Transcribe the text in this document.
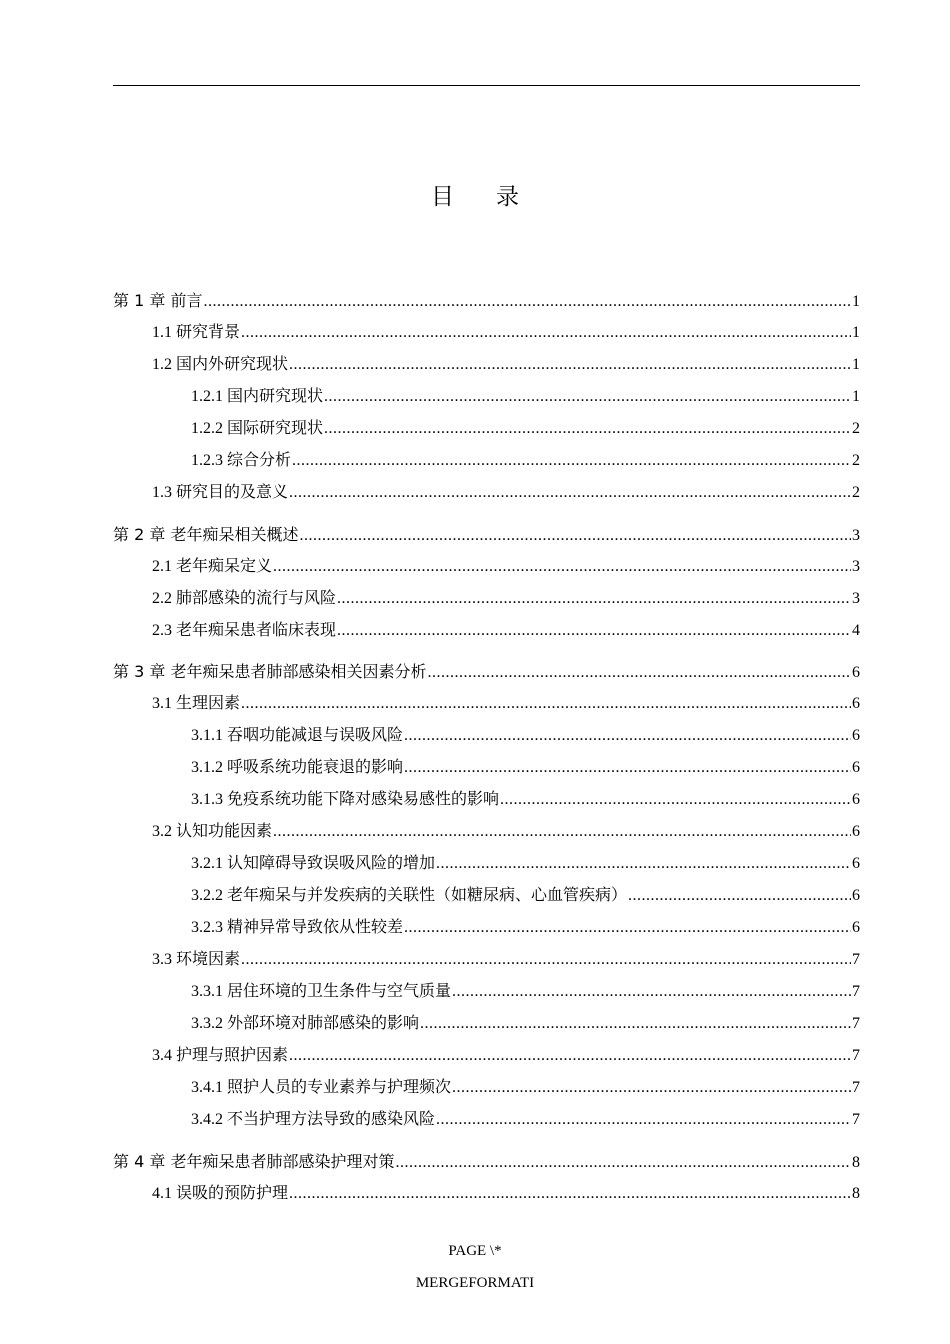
目 录
第 1 章 前言 .....	1
1.1 研究背景 .....	1
1.2 国内外研究现状 .....	1
1.2.1 国内研究现状 .....	1
1.2.2 国际研究现状 .....	2
1.2.3 综合分析 .....	2
1.3 研究目的及意义 .....	2
第 2 章 老年痴呆相关概述 .....	3
2.1 老年痴呆定义 .....	3
2.2 肺部感染的流行与风险 .....	3
2.3 老年痴呆患者临床表现 .....	4
第 3 章 老年痴呆患者肺部感染相关因素分析 .....	6
3.1 生理因素 .....	6
3.1.1 吞咽功能减退与误吸风险 .....	6
3.1.2 呼吸系统功能衰退的影响 .....	6
3.1.3 免疫系统功能下降对感染易感性的影响 .....	6
3.2 认知功能因素 .....	6
3.2.1 认知障碍导致误吸风险的增加 .....	6
3.2.2 老年痴呆与并发疾病的关联性（如糖尿病、心血管疾病） .....	6
3.2.3 精神异常导致依从性较差 .....	6
3.3 环境因素 .....	7
3.3.1 居住环境的卫生条件与空气质量 .....	7
3.3.2 外部环境对肺部感染的影响 .....	7
3.4 护理与照护因素 .....	7
3.4.1 照护人员的专业素养与护理频次 .....	7
3.4.2 不当护理方法导致的感染风险 .....	7
第 4 章 老年痴呆患者肺部感染护理对策 .....	8
4.1 误吸的预防护理 .....	8
PAGE \*
MERGEFORMATI
